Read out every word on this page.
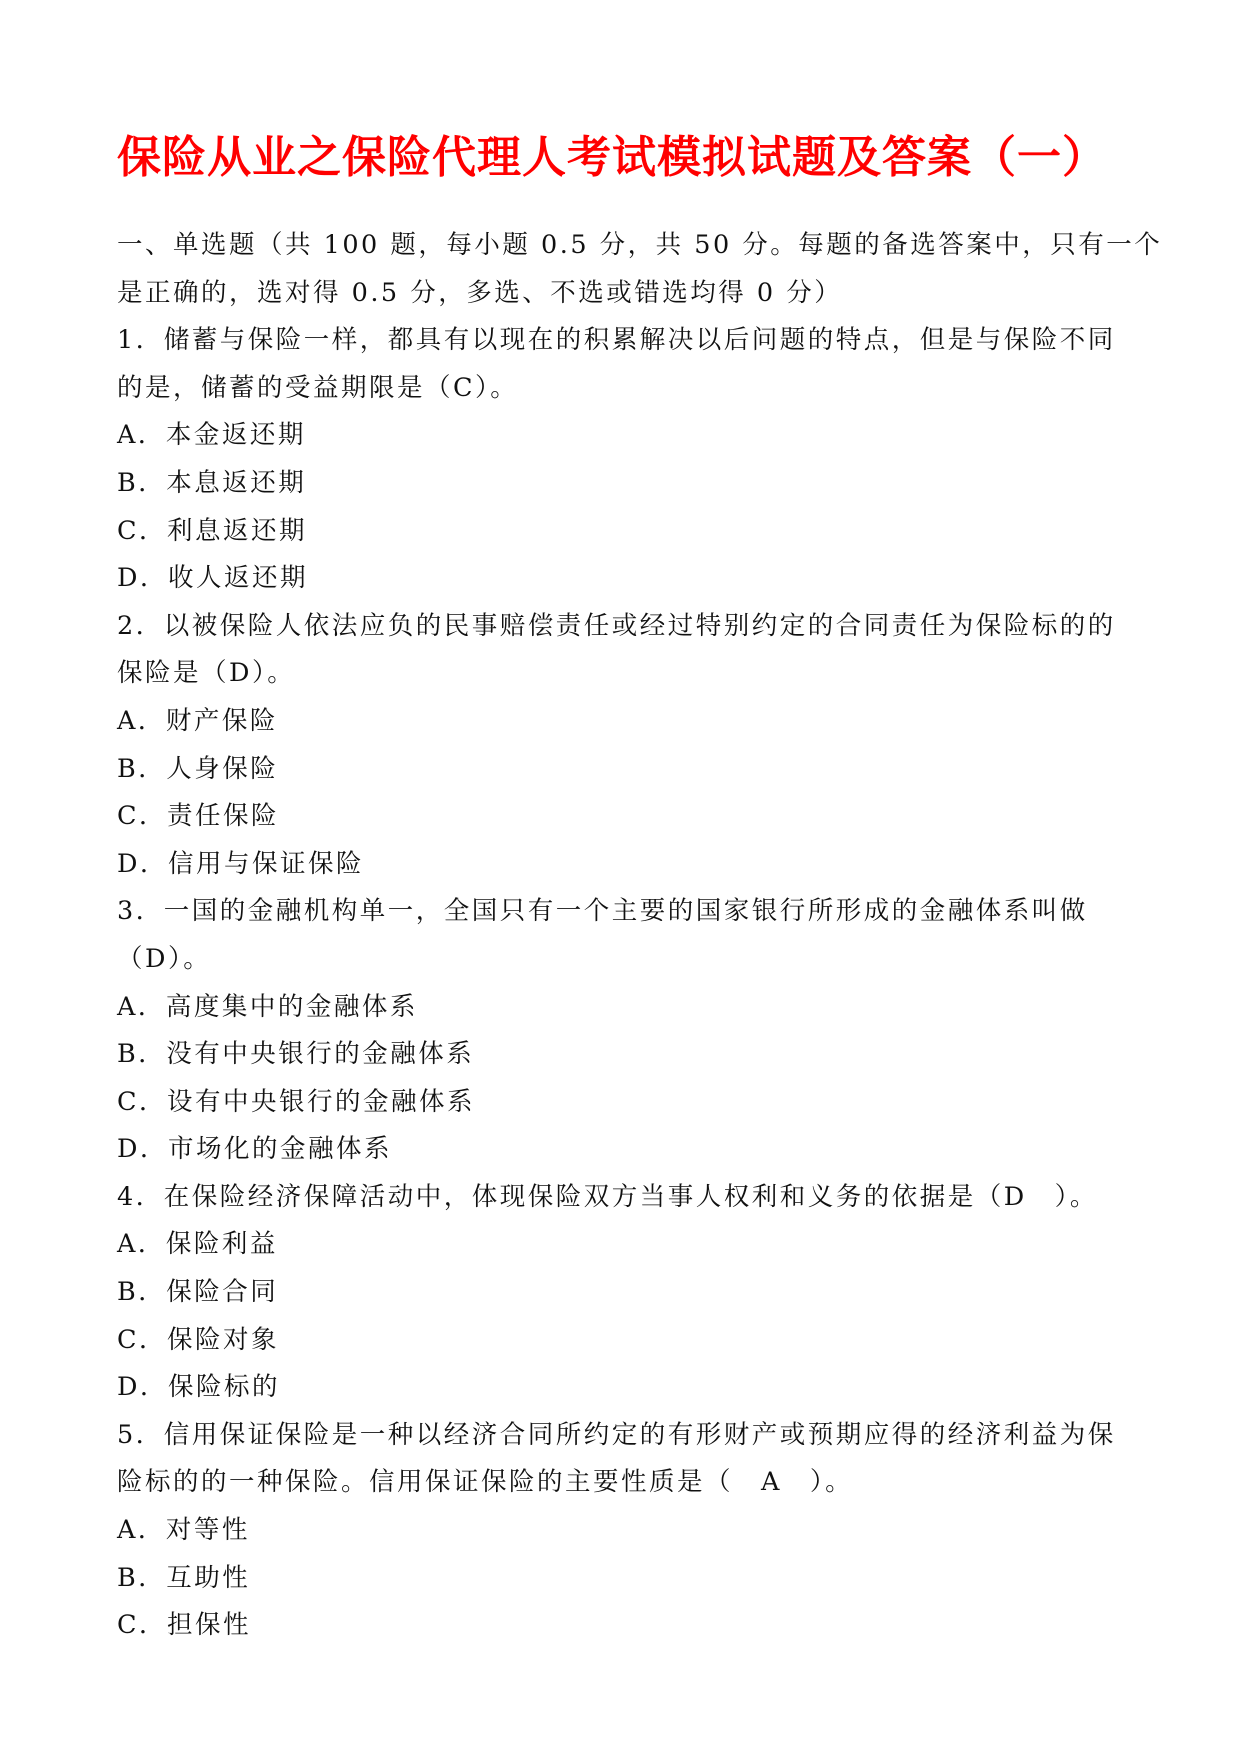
保险从业之保险代理人考试模拟试题及答案（一）
一、单选题（共 100 题，每小题 0.5 分，共 50 分。每题的备选答案中，只有一个
是正确的，选对得 0.5 分，多选、不选或错选均得 0 分）
1．储蓄与保险一样，都具有以现在的积累解决以后问题的特点，但是与保险不同
的是，储蓄的受益期限是（C）。
A．本金返还期
B．本息返还期
C．利息返还期
D．收人返还期
2．以被保险人依法应负的民事赔偿责任或经过特别约定的合同责任为保险标的的
保险是（D）。
A．财产保险
B．人身保险
C．责任保险
D．信用与保证保险
3．一国的金融机构单一，全国只有一个主要的国家银行所形成的金融体系叫做
（D）。
A．高度集中的金融体系
B．没有中央银行的金融体系
C．设有中央银行的金融体系
D．市场化的金融体系
4．在保险经济保障活动中，体现保险双方当事人权利和义务的依据是（D　）。
A．保险利益
B．保险合同
C．保险对象
D．保险标的
5．信用保证保险是一种以经济合同所约定的有形财产或预期应得的经济利益为保
险标的的一种保险。信用保证保险的主要性质是（　A　）。
A．对等性
B．互助性
C．担保性
